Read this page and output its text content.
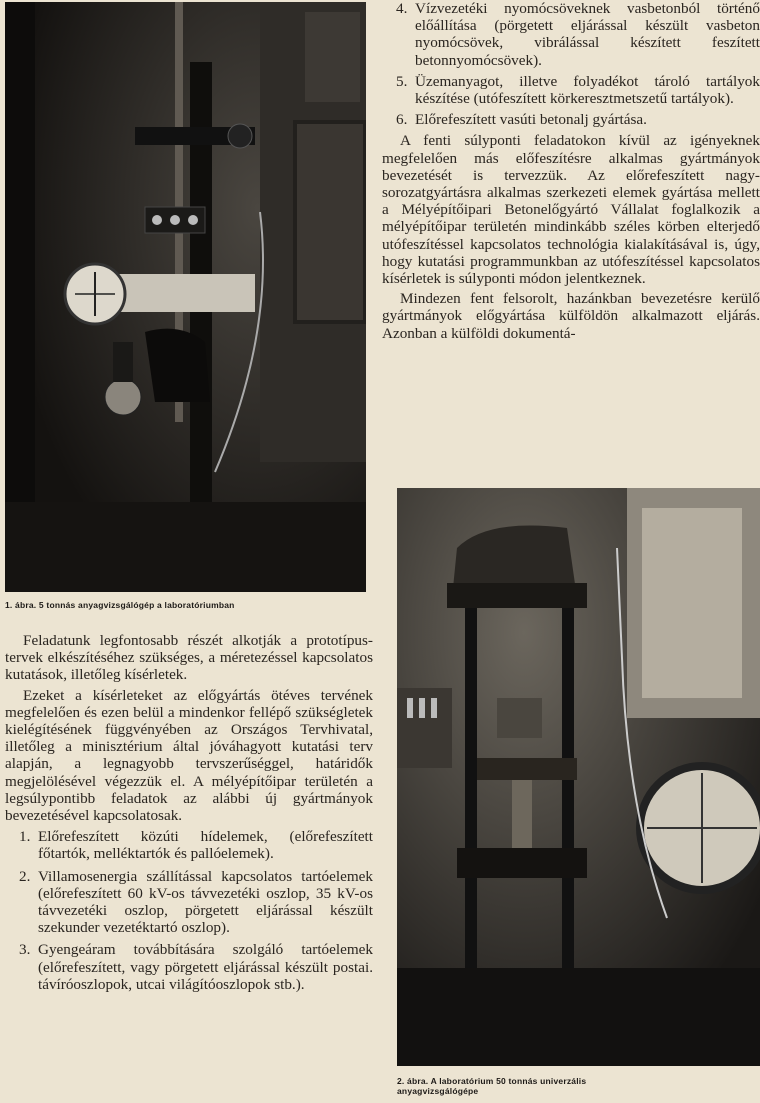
1. ábra. 5 tonnás anyagvizsgálógép a laboratóriumban

Feladatunk legfontosabb részét alkotják a prototípus-tervek elkészítéséhez szükséges, a méretezéssel kapcsolatos kutatások, illetőleg kísérletek.

Ezeket a kísérleteket az előgyártás ötéves tervének megfelelően és ezen belül a mindenkor fellépő szükségletek kielégítésének függvényében az Országos Tervhivatal, illetőleg a minisztérium által jóváhagyott kutatási terv alapján, a legnagyobb tervszerűséggel, határidők megjelölésével végezzük el. A mélyépítőipar területén a legsúlypontibb feladatok az alábbi új gyártmányok bevezetésével kapcsolatosak.

1. Előrefeszített közúti hídelemek, (előrefeszített főtartók, melléktartók és pallóelemek).
2. Villamosenergia szállítással kapcsolatos tartóelemek (előrefeszített 60 kV-os távvezetéki oszlop, 35 kV-os távvezetéki oszlop, pörgetett eljárással készült szekunder vezetéktartó oszlop).
3. Gyengeáram továbbítására szolgáló tartóelemek (előrefeszített, vagy pörgetett eljárással készült postai. távíróoszlopok, utcai világítóoszlopok stb.).
4. Vízvezetéki nyomócsöveknek vasbetonból történő előállítása (pörgetett eljárással készült vasbeton nyomócsövek, vibrálással készített feszített betonnyomócsövek).
5. Üzemanyagot, illetve folyadékot tároló tartályok készítése (utófeszített körkeresztmetszetű tartályok).
6. Előrefeszített vasúti betonalj gyártása.

A fenti súlyponti feladatokon kívül az igényeknek megfelelően más előfeszítésre alkalmas gyártmányok bevezetését is tervezzük. Az előrefeszített nagy-sorozatgyártásra alkalmas szerkezeti elemek gyártása mellett a Mélyépítőipari Betonelőgyártó Vállalat foglalkozik a mélyépítőipar területén mindinkább széles körben elterjedő utófeszítéssel kapcsolatos technológia kialakításával is, úgy, hogy kutatási programmunkban az utófeszítéssel kapcsolatos kísérletek is súlyponti módon jelentkeznek.

Mindezen fent felsorolt, hazánkban bevezetésre kerülő gyártmányok előgyártása külföldön alkalmazott eljárás. Azonban a külföldi dokumentá-

2. ábra. A laboratórium 50 tonnás univerzális
anyagvizsgálógépe
